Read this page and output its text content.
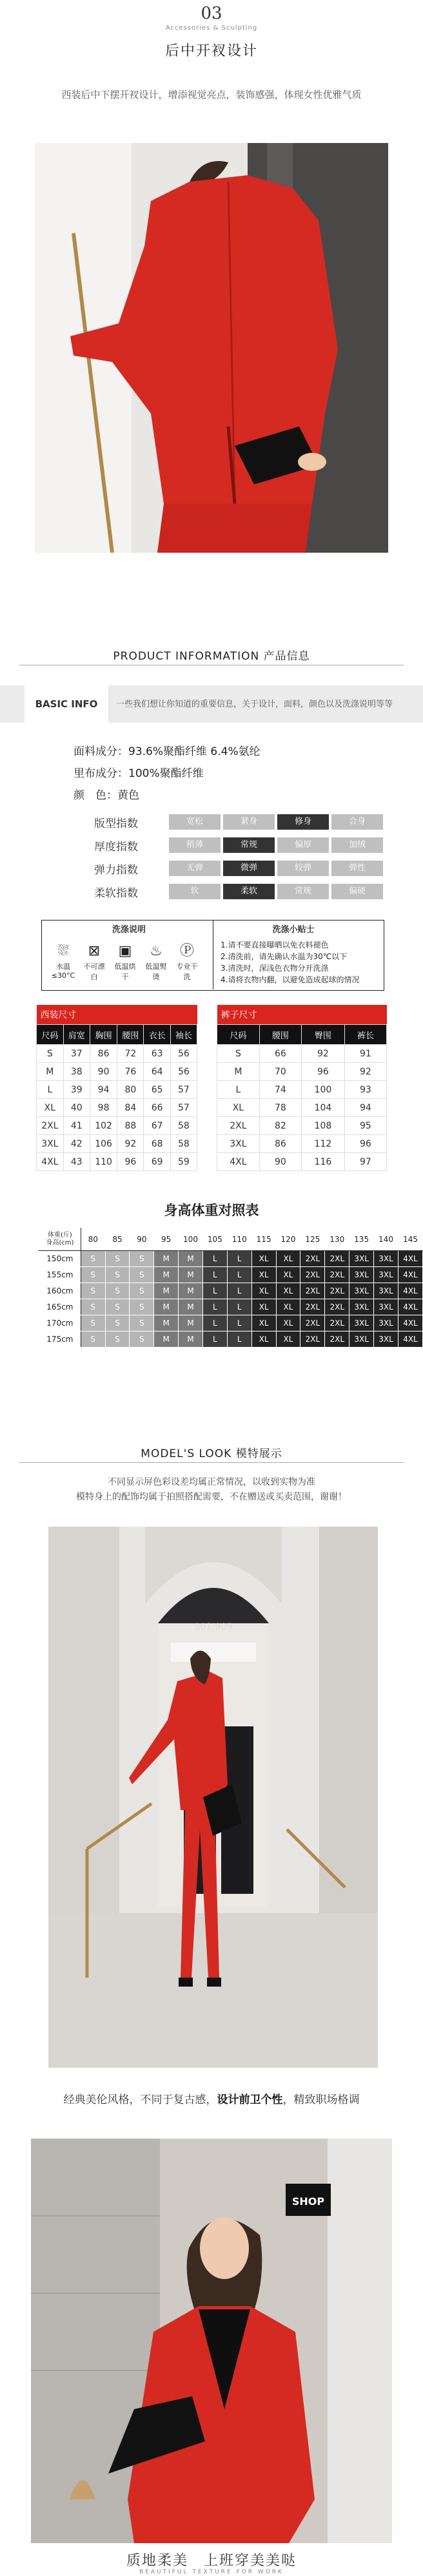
03
Accessories & Sculpting
后中开衩设计
西装后中下摆开衩设计，增添视觉亮点，装饰感强，体现女性优雅气质
PRODUCT INFORMATION 产品信息
BASIC INFO	一些我们想让你知道的重要信息，关于设计，面料，颜色以及洗涤说明等等
面料成分：93.6%聚酯纤维 6.4%氨纶
里布成分：100%聚酯纤维
颜　色：黄色
版型指数	宽松	紧身	修身	合身
厚度指数	稍薄	常规	偏厚	加绒
弹力指数	无弹	微弹	较弹	弹性
柔软指数	软	柔软	常规	偏硬
洗涤说明	洗涤小贴士
⛆
水温≤30°C
⊠
不可漂白
▣
低温烘干
♨
低温熨烫
Ⓟ
专业干洗
1.请不要直接曝晒以免衣料褪色
2.清洗前，请先确认水温为30℃以下
3.清洗时，深浅色衣物分开洗涤
4.请将衣物内翻，以避免造成起球的情况
西装尺寸					
尺码	肩宽	胸围	腰围	衣长	袖长
S	37	86	72	63	56
M	38	90	76	64	56
L	39	94	80	65	57
XL	40	98	84	66	57
2XL	41	102	88	67	58
3XL	42	106	92	68	58
4XL	43	110	96	69	59
裤子尺寸			
尺码	腰围	臀围	裤长
S	66	92	91
M	70	96	92
L	74	100	93
XL	78	104	94
2XL	82	108	95
3XL	86	112	96
4XL	90	116	97
身高体重对照表
体重(斤)
身高(cm)	80	85	90	95	100	105	110	115	120	125	130	135	140	145
150cm	S	S	S	M	M	L	L	XL	XL	2XL	2XL	3XL	3XL	4XL
155cm	S	S	S	M	M	L	L	XL	XL	2XL	2XL	3XL	3XL	4XL
160cm	S	S	S	M	M	L	L	XL	XL	2XL	2XL	3XL	3XL	4XL
165cm	S	S	S	M	M	L	L	XL	XL	2XL	2XL	3XL	3XL	4XL
170cm	S	S	S	M	M	L	L	XL	XL	2XL	2XL	3XL	3XL	4XL
175cm	S	S	S	M	M	L	L	XL	XL	2XL	2XL	3XL	3XL	4XL
MODEL'S LOOK 模特展示
不同显示屏色彩设差均属正常情况，以收到实物为准
模特身上的配饰均属于拍照搭配需要，不在赠送或买卖范围，谢谢！
901-909
经典美伦风格，不同于复古感，设计前卫个性，精致职场格调
SHOP
质地柔美　上班穿美美哒
BEAUTIFUL TEXTURE FOR WORK
